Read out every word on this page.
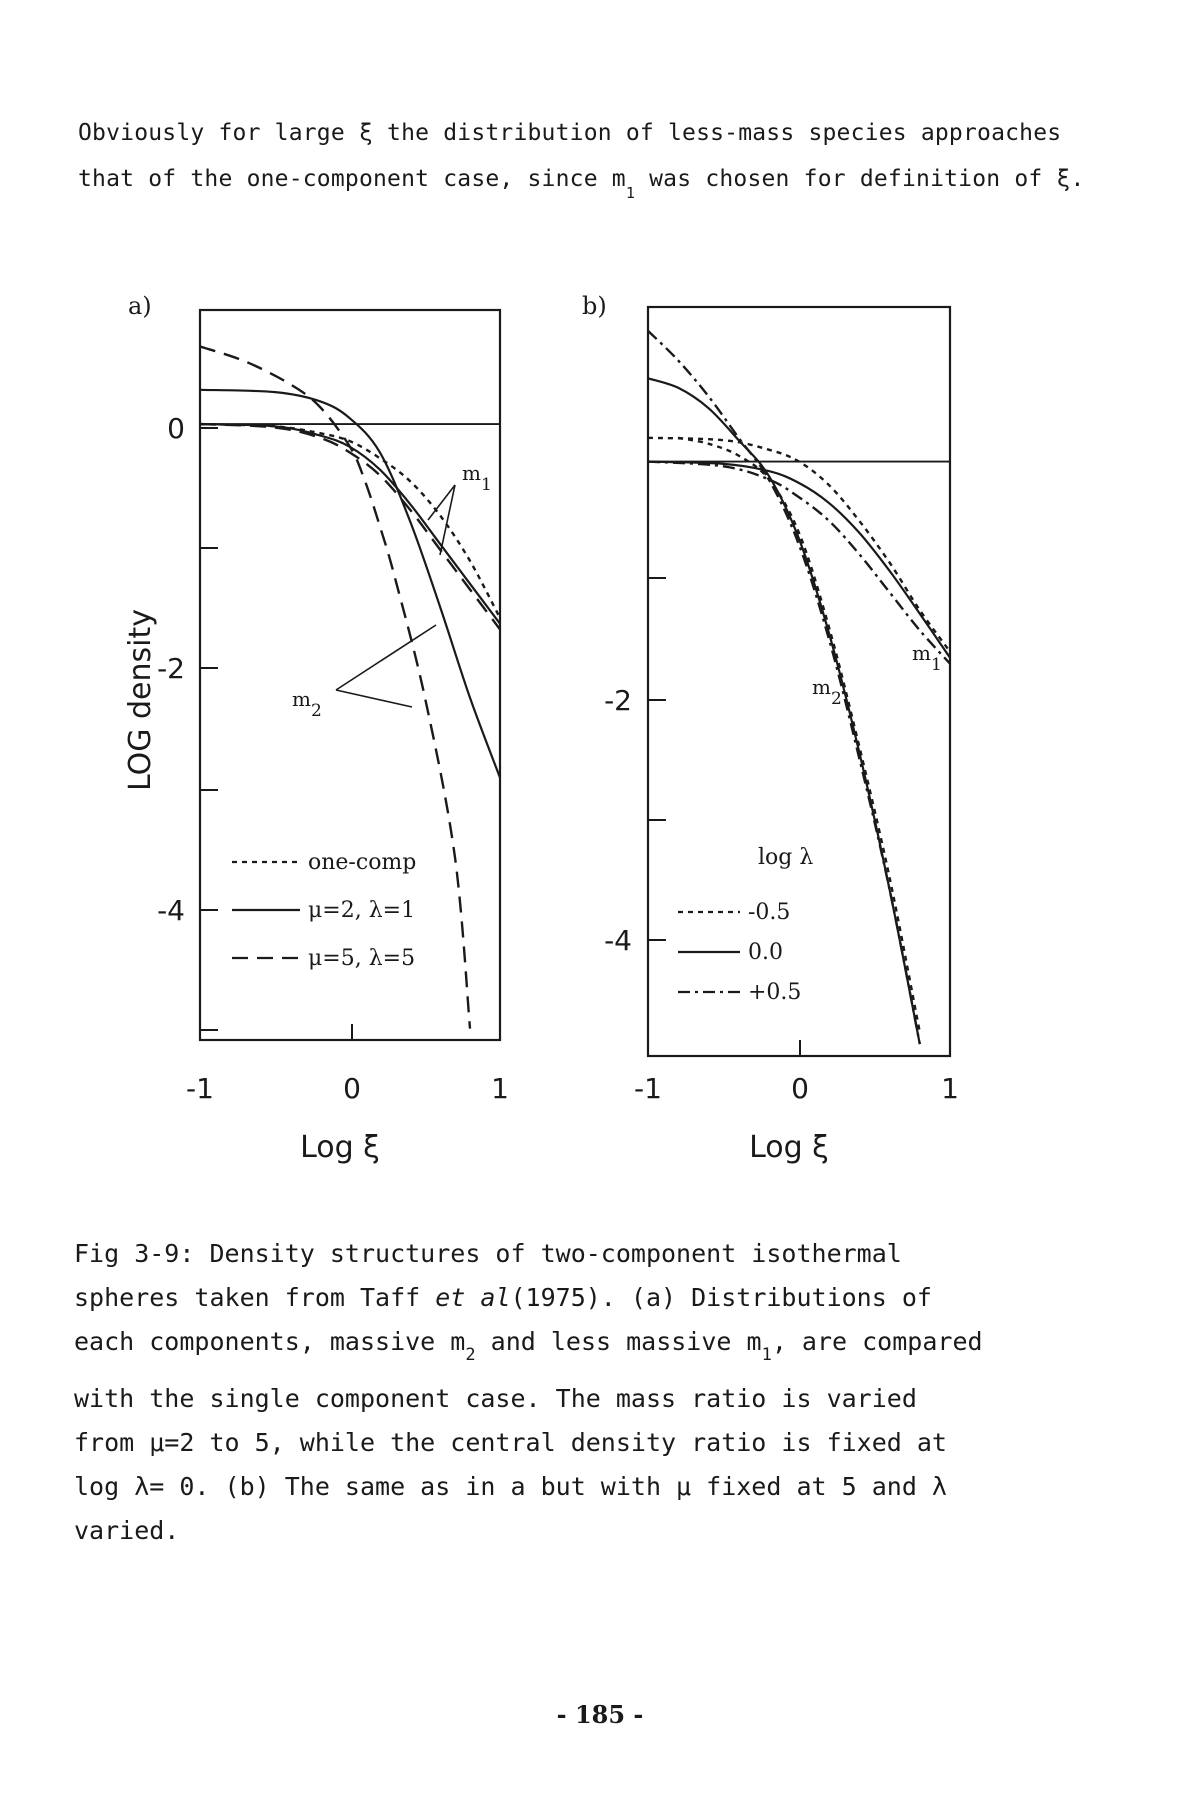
Obviously for large ξ the distribution of less-mass species approaches

that of the one-component case, since $m_1$ was chosen for definition of ξ.

a)
0
-2
-4
-1	0	1
Log ξ
LOG density
$m_1$
$m_2$
one-comp
μ=2, λ=1
μ=5, λ=5
b)
-2
-4
-1	0	1
Log ξ
$m_1$
$m_2$
log λ
-0.5
0.0
+0.5

Fig 3-9: Density structures of two-component isothermal

spheres taken from Taff et al(1975). (a) Distributions of

each components, massive $m_2$ and less massive $m_1$, are compared

with the single component case. The mass ratio is varied

from μ=2 to 5, while the central density ratio is fixed at

log λ= 0. (b) The same as in a but with μ fixed at 5 and λ

varied.

- 185 -
